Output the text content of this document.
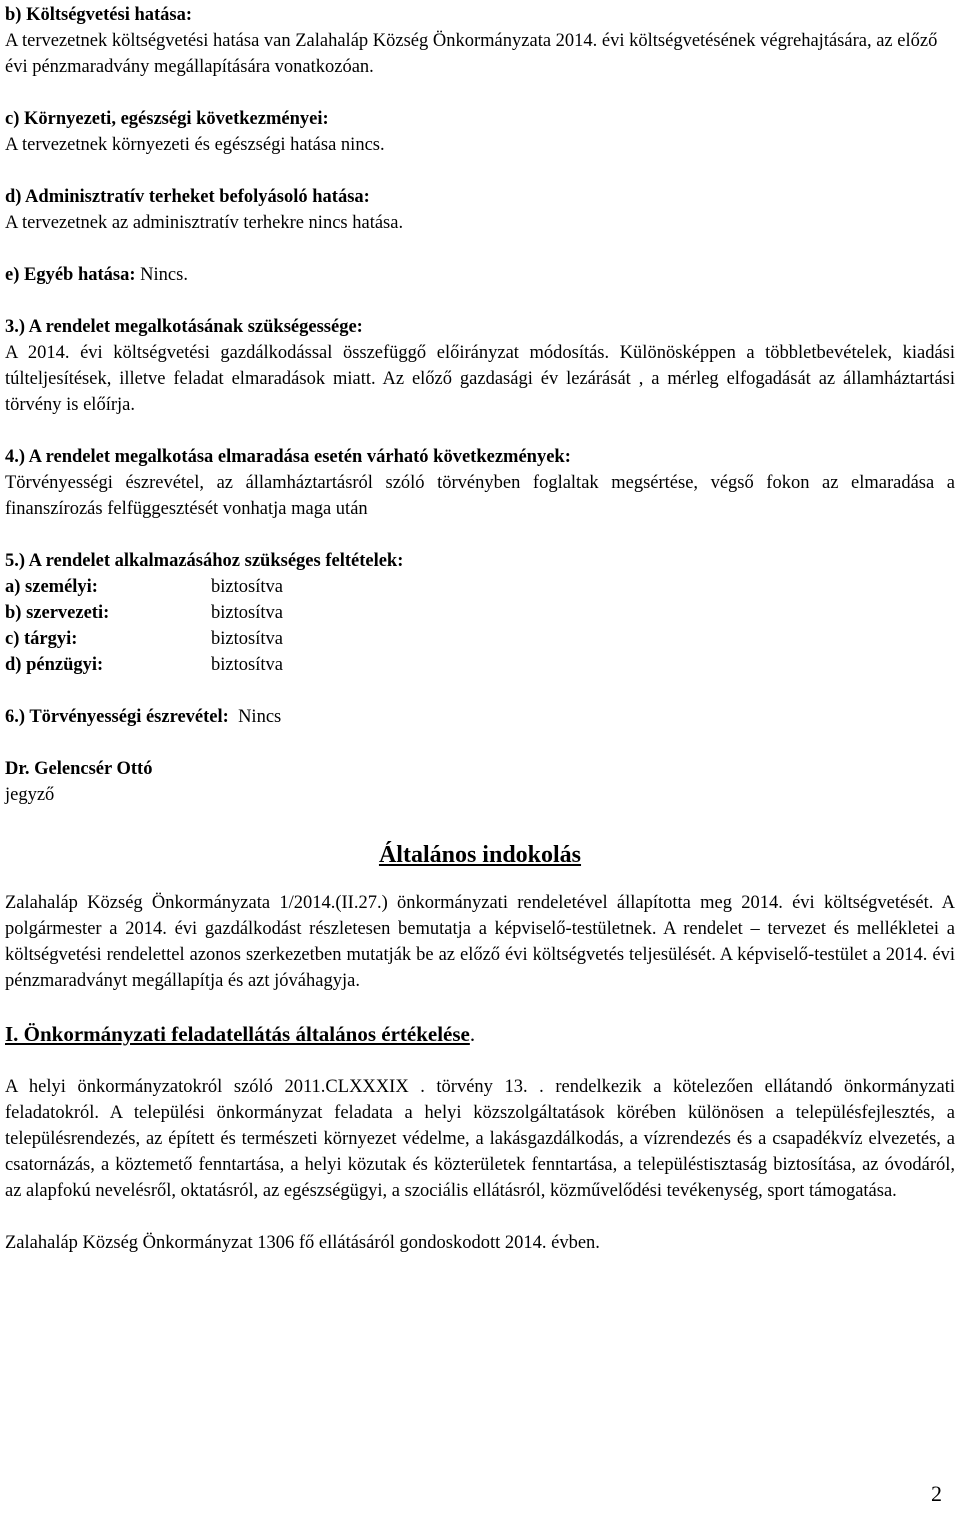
b) Költségvetési hatása:

A tervezetnek költségvetési hatása van Zalahaláp Község Önkormányzata 2014. évi költségvetésének végrehajtására, az előző évi pénzmaradvány megállapítására vonatkozóan.

c) Környezeti, egészségi következményei:

A tervezetnek környezeti és egészségi hatása nincs.

d) Adminisztratív terheket befolyásoló hatása:

A tervezetnek az adminisztratív terhekre nincs hatása.

e) Egyéb hatása: Nincs.

3.) A rendelet megalkotásának szükségessége:

A 2014. évi költségvetési gazdálkodással összefüggő előirányzat módosítás. Különösképpen a többletbevételek, kiadási túlteljesítések, illetve feladat elmaradások miatt. Az előző gazdasági év lezárását , a mérleg elfogadását az államháztartási törvény is előírja.

4.) A rendelet megalkotása elmaradása esetén várható következmények:

Törvényességi észrevétel, az államháztartásról szóló törvényben foglaltak megsértése, végső fokon az elmaradása a finanszírozás felfüggesztését vonhatja maga után

5.) A rendelet alkalmazásához szükséges feltételek:

a) személyi:	biztosítva
b) szervezeti:	biztosítva
c) tárgyi:	biztosítva
d) pénzügyi:	biztosítva

6.) Törvényességi észrevétel:  Nincs

Dr. Gelencsér Ottó

jegyző

Általános indokolás

Zalahaláp Község Önkormányzata 1/2014.(II.27.) önkormányzati rendeletével állapította meg 2014. évi költségvetését. A polgármester a 2014. évi gazdálkodást részletesen bemutatja a képviselő-testületnek. A rendelet – tervezet és mellékletei a költségvetési rendelettel azonos szerkezetben mutatják be az előző évi költségvetés teljesülését. A képviselő-testület a 2014. évi pénzmaradványt megállapítja és azt jóváhagyja.

I. Önkormányzati feladatellátás általános értékelése.

A helyi önkormányzatokról szóló 2011.CLXXXIX . törvény 13. . rendelkezik a kötelezően ellátandó önkormányzati feladatokról. A települési önkormányzat feladata a helyi közszolgáltatások körében különösen a településfejlesztés, a településrendezés, az épített és természeti környezet védelme, a lakásgazdálkodás, a vízrendezés és a csapadékvíz elvezetés, a csatornázás, a köztemető fenntartása, a helyi közutak és közterületek fenntartása, a településtisztaság biztosítása, az óvodáról, az alapfokú nevelésről, oktatásról, az egészségügyi, a szociális ellátásról, közművelődési tevékenység, sport támogatása.

Zalahaláp Község Önkormányzat 1306 fő ellátásáról gondoskodott 2014. évben.

2
